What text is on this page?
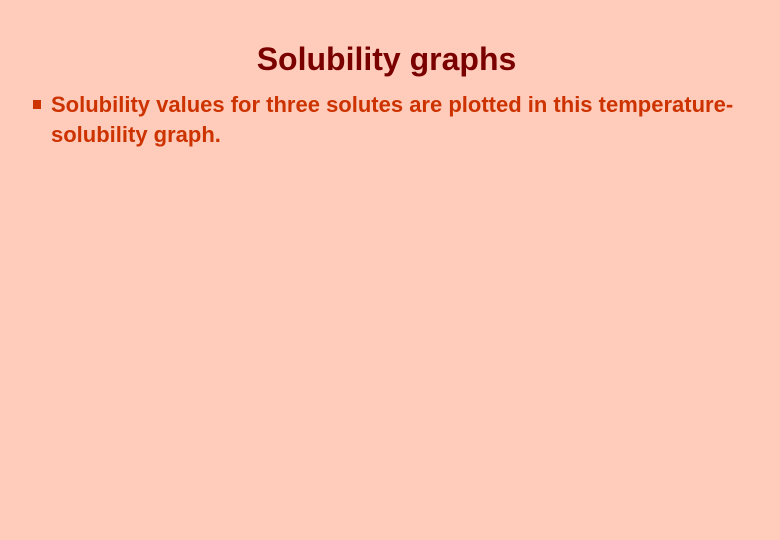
Solubility graphs
Solubility values for three solutes are plotted in this temperature-solubility graph.
